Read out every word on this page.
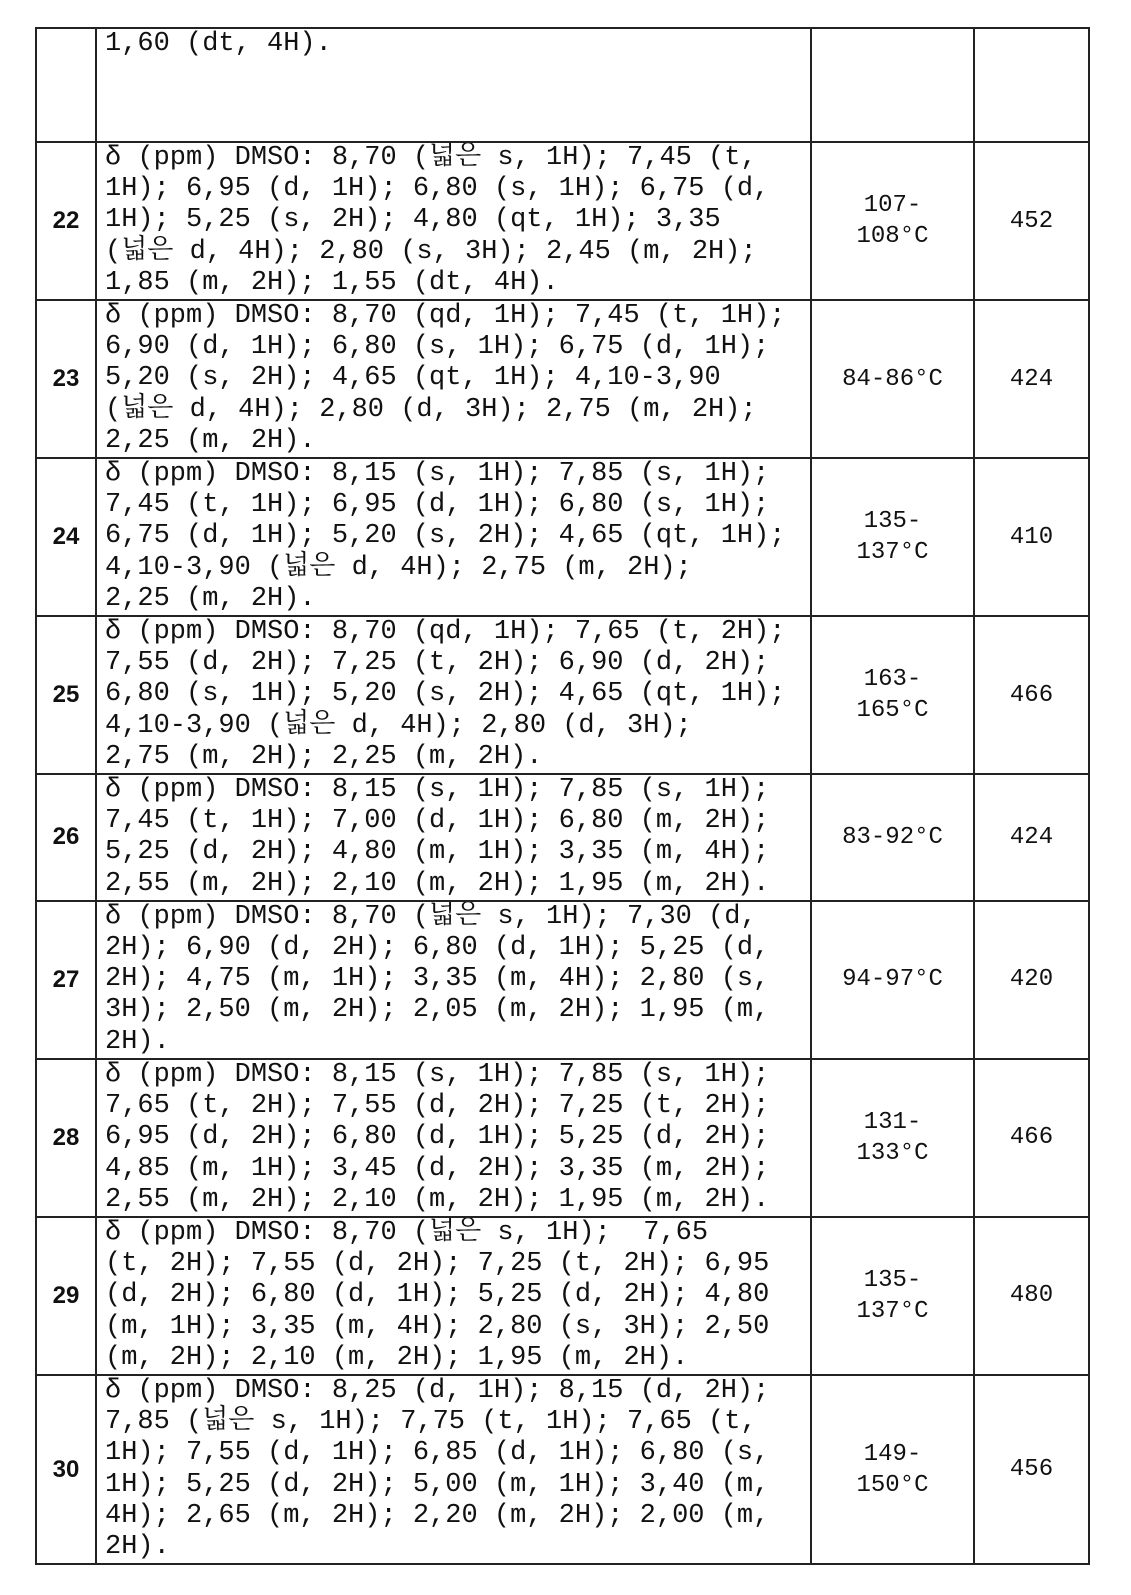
	1,60 (dt, 4H).		
22	δ (ppm) DMSO: 8,70 (넓은 s, 1H); 7,45 (t,
1H); 6,95 (d, 1H); 6,80 (s, 1H); 6,75 (d,
1H); 5,25 (s, 2H); 4,80 (qt, 1H); 3,35
(넓은 d, 4H); 2,80 (s, 3H); 2,45 (m, 2H);
1,85 (m, 2H); 1,55 (dt, 4H).	107-
108°C	452
23	δ (ppm) DMSO: 8,70 (qd, 1H); 7,45 (t, 1H);
6,90 (d, 1H); 6,80 (s, 1H); 6,75 (d, 1H);
5,20 (s, 2H); 4,65 (qt, 1H); 4,10-3,90
(넓은 d, 4H); 2,80 (d, 3H); 2,75 (m, 2H);
2,25 (m, 2H).	84-86°C	424
24	δ (ppm) DMSO: 8,15 (s, 1H); 7,85 (s, 1H);
7,45 (t, 1H); 6,95 (d, 1H); 6,80 (s, 1H);
6,75 (d, 1H); 5,20 (s, 2H); 4,65 (qt, 1H);
4,10-3,90 (넓은 d, 4H); 2,75 (m, 2H);
2,25 (m, 2H).	135-
137°C	410
25	δ (ppm) DMSO: 8,70 (qd, 1H); 7,65 (t, 2H);
7,55 (d, 2H); 7,25 (t, 2H); 6,90 (d, 2H);
6,80 (s, 1H); 5,20 (s, 2H); 4,65 (qt, 1H);
4,10-3,90 (넓은 d, 4H); 2,80 (d, 3H);
2,75 (m, 2H); 2,25 (m, 2H).	163-
165°C	466
26	δ (ppm) DMSO: 8,15 (s, 1H); 7,85 (s, 1H);
7,45 (t, 1H); 7,00 (d, 1H); 6,80 (m, 2H);
5,25 (d, 2H); 4,80 (m, 1H); 3,35 (m, 4H);
2,55 (m, 2H); 2,10 (m, 2H); 1,95 (m, 2H).	83-92°C	424
27	δ (ppm) DMSO: 8,70 (넓은 s, 1H); 7,30 (d,
2H); 6,90 (d, 2H); 6,80 (d, 1H); 5,25 (d,
2H); 4,75 (m, 1H); 3,35 (m, 4H); 2,80 (s,
3H); 2,50 (m, 2H); 2,05 (m, 2H); 1,95 (m,
2H).	94-97°C	420
28	δ (ppm) DMSO: 8,15 (s, 1H); 7,85 (s, 1H);
7,65 (t, 2H); 7,55 (d, 2H); 7,25 (t, 2H);
6,95 (d, 2H); 6,80 (d, 1H); 5,25 (d, 2H);
4,85 (m, 1H); 3,45 (d, 2H); 3,35 (m, 2H);
2,55 (m, 2H); 2,10 (m, 2H); 1,95 (m, 2H).	131-
133°C	466
29	δ (ppm) DMSO: 8,70 (넓은 s, 1H);  7,65
(t, 2H); 7,55 (d, 2H); 7,25 (t, 2H); 6,95
(d, 2H); 6,80 (d, 1H); 5,25 (d, 2H); 4,80
(m, 1H); 3,35 (m, 4H); 2,80 (s, 3H); 2,50
(m, 2H); 2,10 (m, 2H); 1,95 (m, 2H).	135-
137°C	480
30	δ (ppm) DMSO: 8,25 (d, 1H); 8,15 (d, 2H);
7,85 (넓은 s, 1H); 7,75 (t, 1H); 7,65 (t,
1H); 7,55 (d, 1H); 6,85 (d, 1H); 6,80 (s,
1H); 5,25 (d, 2H); 5,00 (m, 1H); 3,40 (m,
4H); 2,65 (m, 2H); 2,20 (m, 2H); 2,00 (m,
2H).	149-
150°C	456
